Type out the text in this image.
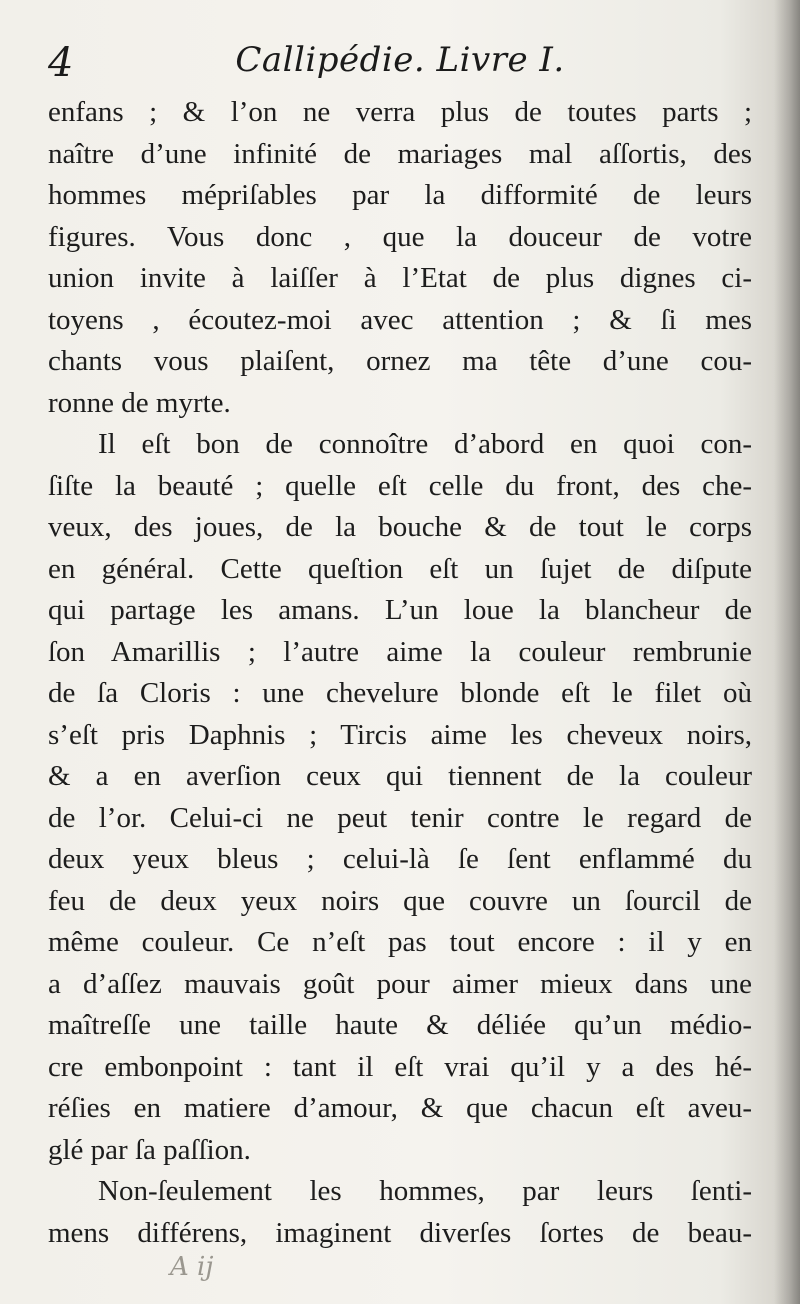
4	Callipédie. Livre I.
enfans ; & l’on ne verra plus de toutes parts ;
naître d’une infinité de mariages mal aſſortis, des
hommes mépriſables par la difformité de leurs
figures. Vous donc , que la douceur de votre
union invite à laiſſer à l’Etat de plus dignes ci-
toyens , écoutez-moi avec attention ; & ſi mes
chants vous plaiſent, ornez ma tête d’une cou-
ronne de myrte.
Il eſt bon de connoître d’abord en quoi con-
ſiſte la beauté ; quelle eſt celle du front, des che-
veux, des joues, de la bouche & de tout le corps
en général. Cette queſtion eſt un ſujet de diſpute
qui partage les amans. L’un loue la blancheur de
ſon Amarillis ; l’autre aime la couleur rembrunie
de ſa Cloris : une chevelure blonde eſt le filet où
s’eſt pris Daphnis ; Tircis aime les cheveux noirs,
& a en averſion ceux qui tiennent de la couleur
de l’or. Celui-ci ne peut tenir contre le regard de
deux yeux bleus ; celui-là ſe ſent enflammé du
feu de deux yeux noirs que couvre un ſourcil de
même couleur. Ce n’eſt pas tout encore : il y en
a d’aſſez mauvais goût pour aimer mieux dans une
maîtreſſe une taille haute & déliée qu’un médio-
cre embonpoint : tant il eſt vrai qu’il y a des hé-
réſies en matiere d’amour, & que chacun eſt aveu-
glé par ſa paſſion.
Non-ſeulement les hommes, par leurs ſenti-
mens différens, imaginent diverſes ſortes de beau-
A ij
